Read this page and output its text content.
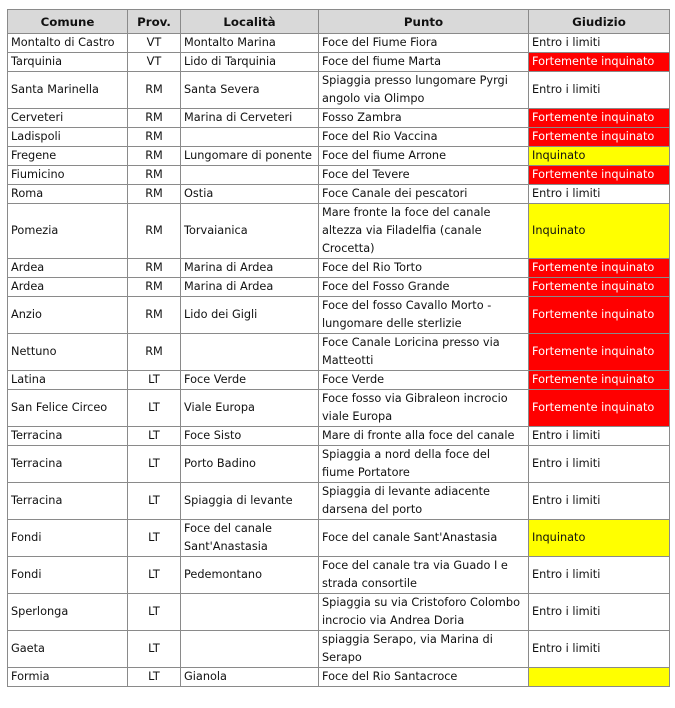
Comune	Prov.	Località	Punto	Giudizio
Montalto di Castro	VT	Montalto Marina	Foce del Fiume Fiora	Entro i limiti
Tarquinia	VT	Lido di Tarquinia	Foce del fiume Marta	Fortemente inquinato
Santa Marinella	RM	Santa Severa	Spiaggia presso lungomare Pyrgi angolo via Olimpo	Entro i limiti
Cerveteri	RM	Marina di Cerveteri	Fosso Zambra	Fortemente inquinato
Ladispoli	RM		Foce del Rio Vaccina	Fortemente inquinato
Fregene	RM	Lungomare di ponente	Foce del fiume Arrone	Inquinato
Fiumicino	RM		Foce del Tevere	Fortemente inquinato
Roma	RM	Ostia	Foce Canale dei pescatori	Entro i limiti
Pomezia	RM	Torvaianica	Mare fronte la foce del canale altezza via Filadelfia (canale Crocetta)	Inquinato
Ardea	RM	Marina di Ardea	Foce del Rio Torto	Fortemente inquinato
Ardea	RM	Marina di Ardea	Foce del Fosso Grande	Fortemente inquinato
Anzio	RM	Lido dei Gigli	Foce del fosso Cavallo Morto - lungomare delle sterlizie	Fortemente inquinato
Nettuno	RM		Foce Canale Loricina presso via Matteotti	Fortemente inquinato
Latina	LT	Foce Verde	Foce Verde	Fortemente inquinato
San Felice Circeo	LT	Viale Europa	Foce fosso via Gibraleon incrocio viale Europa	Fortemente inquinato
Terracina	LT	Foce Sisto	Mare di fronte alla foce del canale	Entro i limiti
Terracina	LT	Porto Badino	Spiaggia a nord della foce del fiume Portatore	Entro i limiti
Terracina	LT	Spiaggia di levante	Spiaggia di levante adiacente darsena del porto	Entro i limiti
Fondi	LT	Foce del canale Sant'Anastasia	Foce del canale Sant'Anastasia	Inquinato
Fondi	LT	Pedemontano	Foce del canale tra via Guado I e strada consortile	Entro i limiti
Sperlonga	LT		Spiaggia su via Cristoforo Colombo incrocio via Andrea Doria	Entro i limiti
Gaeta	LT		spiaggia Serapo, via Marina di Serapo	Entro i limiti
Formia	LT	Gianola	Foce del Rio Santacroce	
